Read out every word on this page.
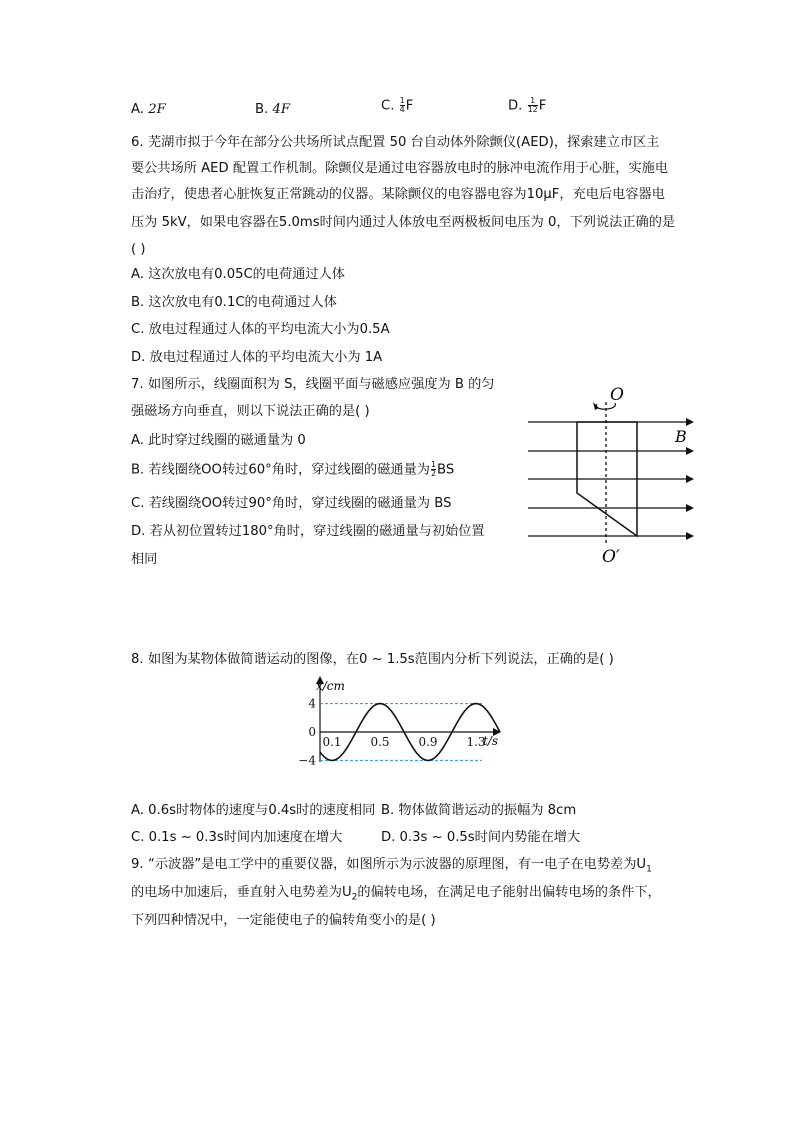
A. 2F	B. 4F	C. $\frac{1}{4}$ F	D. $\frac{1}{12}$ F
6. 芜湖市拟于今年在部分公共场所试点配置 50 台自动体外除颤仪(AED)，探索建立市区主
要公共场所 AED 配置工作机制。除颤仪是通过电容器放电时的脉冲电流作用于心脏，实施电
击治疗，使患者心脏恢复正常跳动的仪器。某除颤仪的电容器电容为10μF，充电后电容器电
压为 5kV，如果电容器在5.0ms时间内通过人体放电至两极板间电压为 0，下列说法正确的是
( )
A. 这次放电有0.05C的电荷通过人体
B. 这次放电有0.1C的电荷通过人体
C. 放电过程通过人体的平均电流大小为0.5A
D. 放电过程通过人体的平均电流大小为 1A
7. 如图所示，线圈面积为 S，线圈平面与磁感应强度为 B 的匀
强磁场方向垂直，则以下说法正确的是( )
A. 此时穿过线圈的磁通量为 0
B. 若线圈绕OO转过60°角时，穿过线圈的磁通量为 $\frac{1}{2}$ BS
C. 若线圈绕OO转过90°角时，穿过线圈的磁通量为 BS
D. 若从初位置转过180°角时，穿过线圈的磁通量与初始位置
相同
O
B
O′
8. 如图为某物体做简谐运动的图像，在0 ~ 1.5s范围内分析下列说法，正确的是( )
4
0
−4
0.1 0.5 0.9 1.3
x/cm
t/s
A. 0.6s时物体的速度与0.4s时的速度相同 B. 物体做简谐运动的振幅为 8cm
C. 0.1s ~ 0.3s时间内加速度在增大	D. 0.3s ~ 0.5s时间内势能在增大
9. “示波器”是电工学中的重要仪器，如图所示为示波器的原理图，有一电子在电势差为$U_1$
的电场中加速后，垂直射入电势差为$U_2$的偏转电场，在满足电子能射出偏转电场的条件下，
下列四种情况中，一定能使电子的偏转角变小的是( )
